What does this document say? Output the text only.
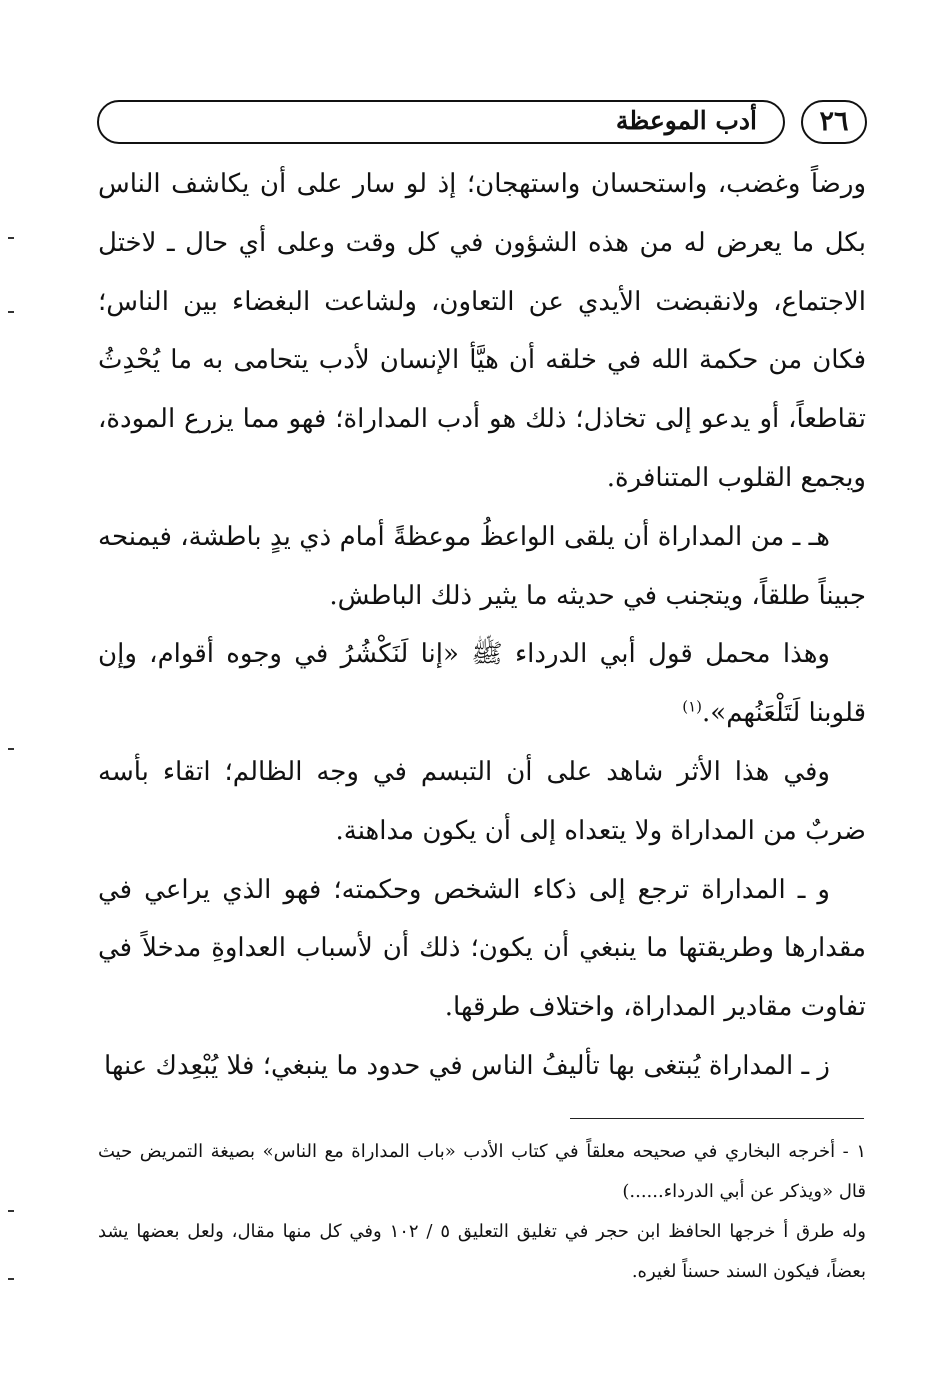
أدب الموعظة	٢٦

ورضاً وغضب، واستحسان واستهجان؛ إذ لو سار على أن يكاشف الناس بكل ما يعرض له من هذه الشؤون في كل وقت وعلى أي حال ـ لاختل الاجتماع، ولانقبضت الأيدي عن التعاون، ولشاعت البغضاء بين الناس؛ فكان من حكمة الله في خلقه أن هيَّأ الإنسان لأدب يتحامى به ما يُحْدِثُ تقاطعاً، أو يدعو إلى تخاذل؛ ذلك هو أدب المداراة؛ فهو مما يزرع المودة، ويجمع القلوب المتنافرة.

هـ ـ من المداراة أن يلقى الواعظُ موعظةً أمام ذي يدٍ باطشة، فيمنحه جبيناً طلقاً، ويتجنب في حديثه ما يثير ذلك الباطش.

وهذا محمل قول أبي الدرداء ﷺ «إنا لَنَكْشُرُ في وجوه أقوام، وإن قلوبنا لَتَلْعَنُهم».$^{(١)}$

وفي هذا الأثر شاهد على أن التبسم في وجه الظالم؛ اتقاء بأسه ضربٌ من المداراة ولا يتعداه إلى أن يكون مداهنة.

و ـ المداراة ترجع إلى ذكاء الشخص وحكمته؛ فهو الذي يراعي في مقدارها وطريقتها ما ينبغي أن يكون؛ ذلك أن لأسباب العداوةِ مدخلاً في تفاوت مقادير المداراة، واختلاف طرقها.

ز ـ المداراة يُبتغى بها تأليفُ الناس في حدود ما ينبغي؛ فلا يُبْعِدك عنها

١ - أخرجه البخاري في صحيحه معلقاً في كتاب الأدب «باب المداراة مع الناس» بصيغة التمريض حيث قال «ويذكر عن أبي الدرداء......)

وله طرق أ خرجها الحافظ ابن حجر في تغليق التعليق ٥ / ١٠٢ وفي كل منها مقال، ولعل بعضها يشد بعضاً، فيكون السند حسناً لغيره.
